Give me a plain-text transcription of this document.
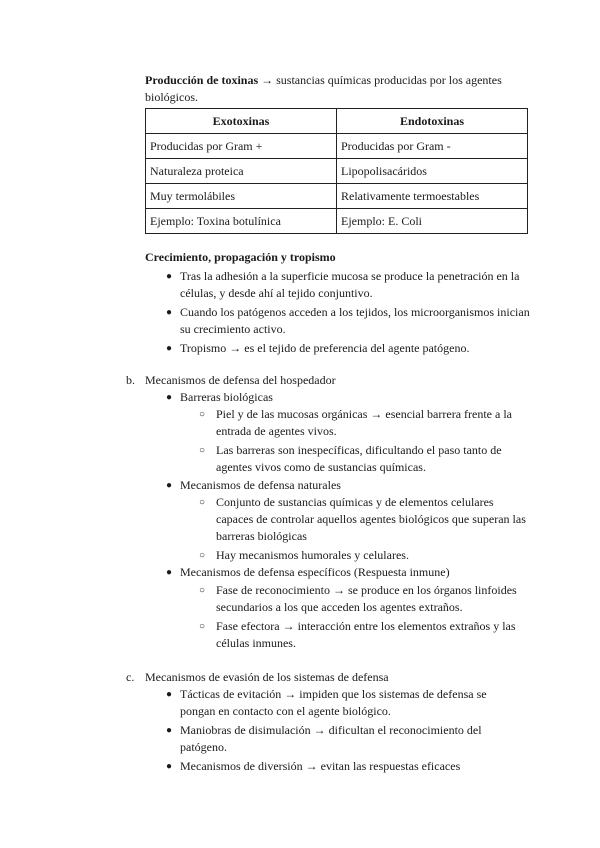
Producción de toxinas → sustancias químicas producidas por los agentes biológicos.
Exotoxinas	Endotoxinas
Producidas por Gram +	Producidas por Gram -
Naturaleza proteica	Lipopolisacáridos
Muy termolábiles	Relativamente termoestables
Ejemplo: Toxina botulínica	Ejemplo: E. Coli
Crecimiento, propagación y tropismo
● Tras la adhesión a la superficie mucosa se produce la penetración en la células, y desde ahí al tejido conjuntivo.
● Cuando los patógenos acceden a los tejidos, los microorganismos inician su crecimiento activo.
● Tropismo → es el tejido de preferencia del agente patógeno.
b. Mecanismos de defensa del hospedador
● Barreras biológicas
○ Piel y de las mucosas orgánicas → esencial barrera frente a la entrada de agentes vivos.
○ Las barreras son inespecíficas, dificultando el paso tanto de agentes vivos como de sustancias químicas.
● Mecanismos de defensa naturales
○ Conjunto de sustancias químicas y de elementos celulares capaces de controlar aquellos agentes biológicos que superan las barreras biológicas
○ Hay mecanismos humorales y celulares.
● Mecanismos de defensa específicos (Respuesta inmune)
○ Fase de reconocimiento → se produce en los órganos linfoides secundarios a los que acceden los agentes extraños.
○ Fase efectora → interacción entre los elementos extraños y las células inmunes.
c. Mecanismos de evasión de los sistemas de defensa
● Tácticas de evitación → impiden que los sistemas de defensa se pongan en contacto con el agente biológico.
● Maniobras de disimulación → dificultan el reconocimiento del patógeno.
● Mecanismos de diversión → evitan las respuestas eficaces
